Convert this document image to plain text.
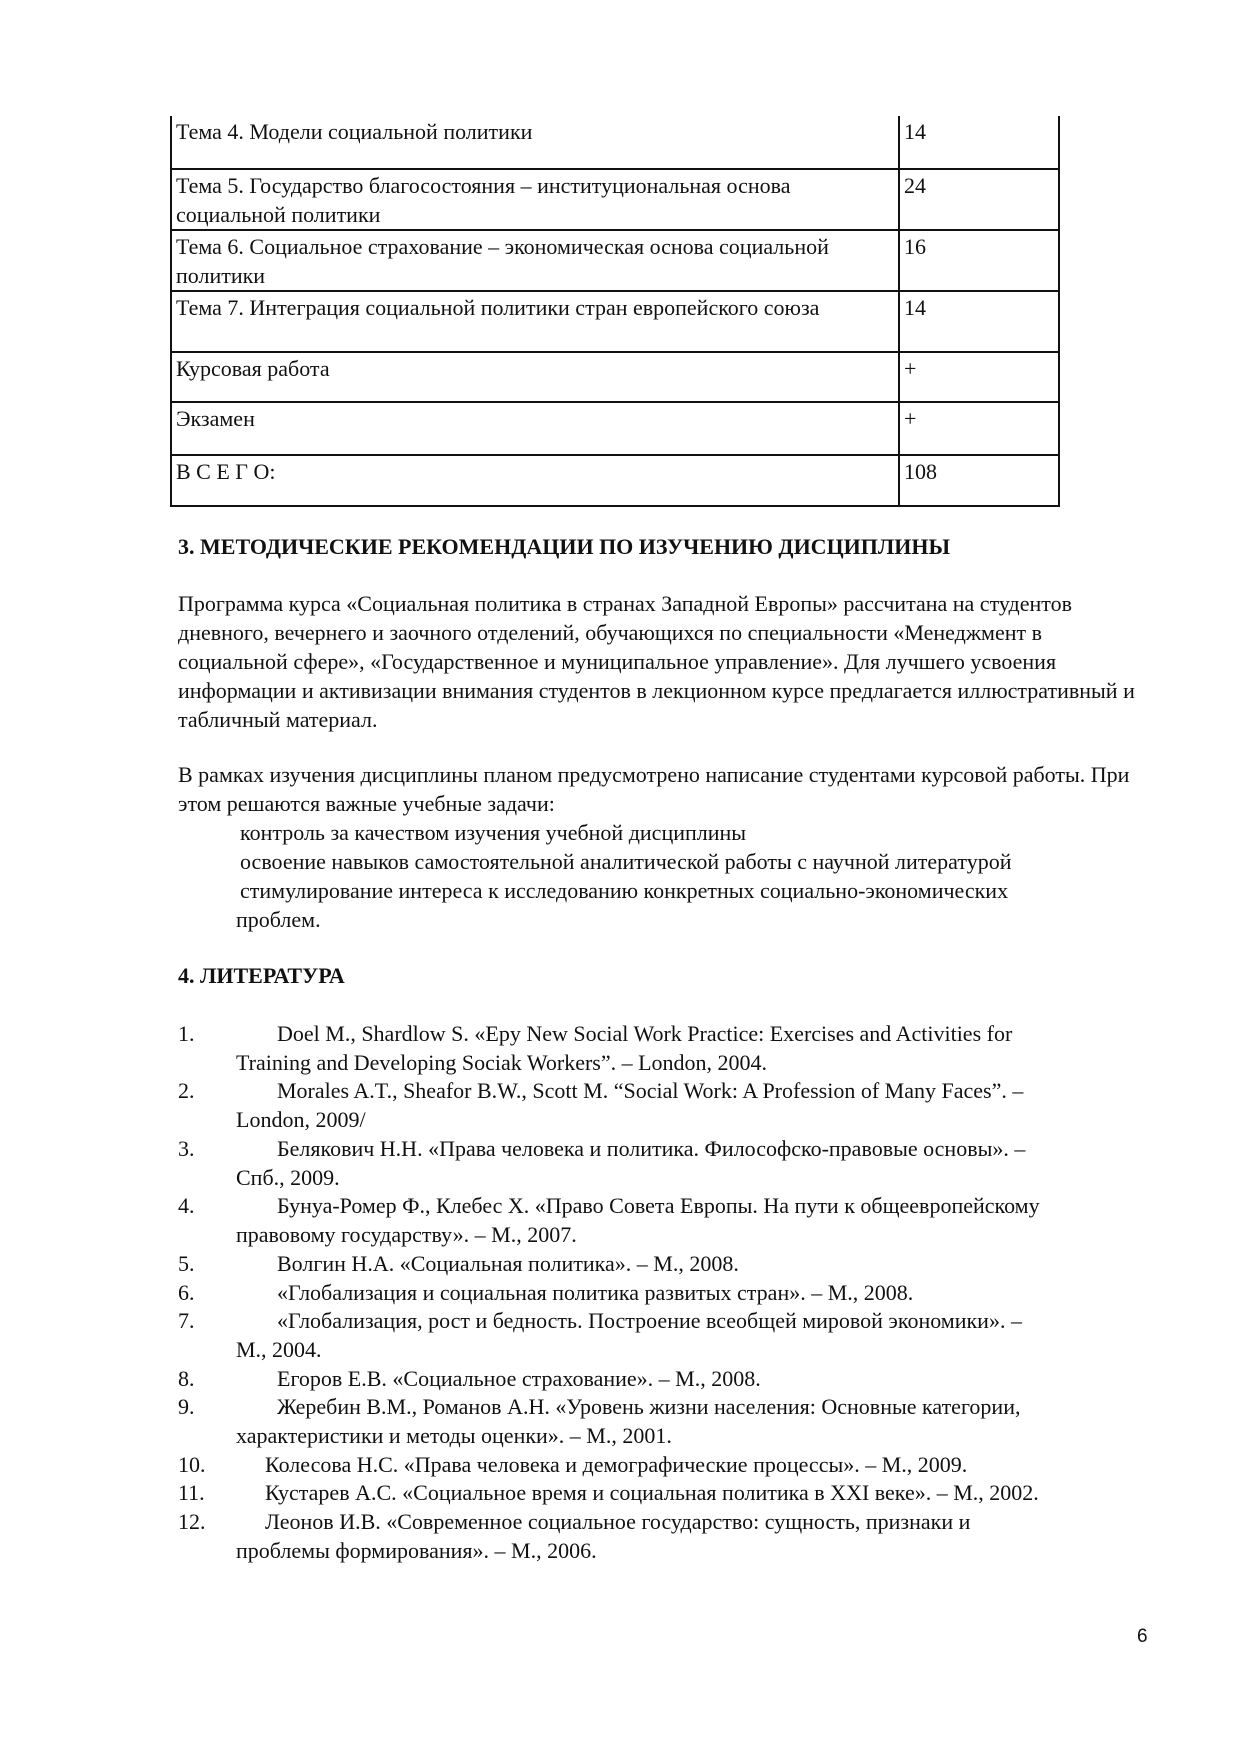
Тема 4. Модели социальной политики	14
Тема 5. Государство благосостояния – институциональная основа социальной политики	24
Тема 6. Социальное страхование – экономическая основа социальной политики	16
Тема 7. Интеграция социальной политики стран европейского союза	14
Курсовая работа	+
Экзамен	+
В С Е Г О:	108
3. МЕТОДИЧЕСКИЕ РЕКОМЕНДАЦИИ ПО ИЗУЧЕНИЮ ДИСЦИПЛИНЫ

Программа курса «Социальная политика в странах Западной Европы» рассчитана на студентов дневного, вечернего и заочного отделений, обучающихся по специальности «Менеджмент в социальной сфере», «Государственное и муниципальное управление». Для лучшего усвоения информации и активизации внимания студентов в лекционном курсе предлагается иллюстративный и табличный материал.

В рамках изучения дисциплины планом предусмотрено написание студентами курсовой работы. При этом решаются важные учебные задачи:

контроль за качеством изучения учебной дисциплины
освоение навыков самостоятельной аналитической работы с научной литературой
стимулирование интереса к исследованию конкретных социально-экономических
проблем.
4. ЛИТЕРАТУРА
1.	Doel M., Shardlow S. «Epy New Social Work Practice: Exercises and Activities for
Training and Developing Sociak Workers”. – London, 2004.
2.	Morales A.T., Sheafor B.W., Scott M. “Social Work: A Profession of Many Faces”. –
London, 2009/
3.	Белякович Н.Н. «Права человека и политика. Философско-правовые основы». –
Спб., 2009.
4.	Бунуа-Ромер Ф., Клебес Х. «Право Совета Европы. На пути к общеевропейскому
правовому государству». – М., 2007.
5.	Волгин Н.А. «Социальная политика». – М., 2008.
6.	«Глобализация и социальная политика развитых стран». – М., 2008.
7.	«Глобализация, рост и бедность. Построение всеобщей мировой экономики». –
М., 2004.
8.	Егоров Е.В. «Социальное страхование». – М., 2008.
9.	Жеребин В.М., Романов А.Н. «Уровень жизни населения: Основные категории,
характеристики и методы оценки». – М., 2001.
10.	Колесова Н.С. «Права человека и демографические процессы». – М., 2009.
11.	Кустарев А.С. «Социальное время и социальная политика в XXI веке». – М., 2002.
12.	Леонов И.В. «Современное социальное государство: сущность, признаки и
проблемы формирования». – М., 2006.
6
